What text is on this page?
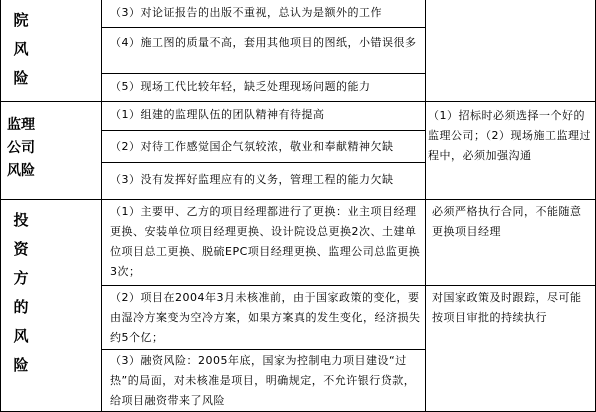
院
风
险
（3）对论证报告的出版不重视，总认为是额外的工作
（4）施工图的质量不高，套用其他项目的图纸，小错误很多
（5）现场工代比较年轻，缺乏处理现场问题的能力
监理
公司
风险
（1）组建的监理队伍的团队精神有待提高
（2）对待工作感觉国企气氛较浓，敬业和奉献精神欠缺
（3）没有发挥好监理应有的义务，管理工程的能力欠缺
（1）招标时必须选择一个好的监理公司；（2）现场施工监理过程中，必须加强沟通
投
资
方
的
风
险
（1）主要甲、乙方的项目经理都进行了更换：业主项目经理更换、安装单位项目经理更换、设计院设总更换2次、土建单位项目总工更换、脱硫EPC项目经理更换、监理公司总监更换3次；
必须严格执行合同，不能随意更换项目经理
（2）项目在2004年3月未核准前，由于国家政策的变化，要由湿冷方案变为空冷方案，如果方案真的发生变化，经济损失约5个亿；
对国家政策及时跟踪，尽可能按项目审批的持续执行
（3）融资风险：2005年底，国家为控制电力项目建设“过热”的局面，对未核准是项目，明确规定，不允许银行贷款，给项目融资带来了风险
